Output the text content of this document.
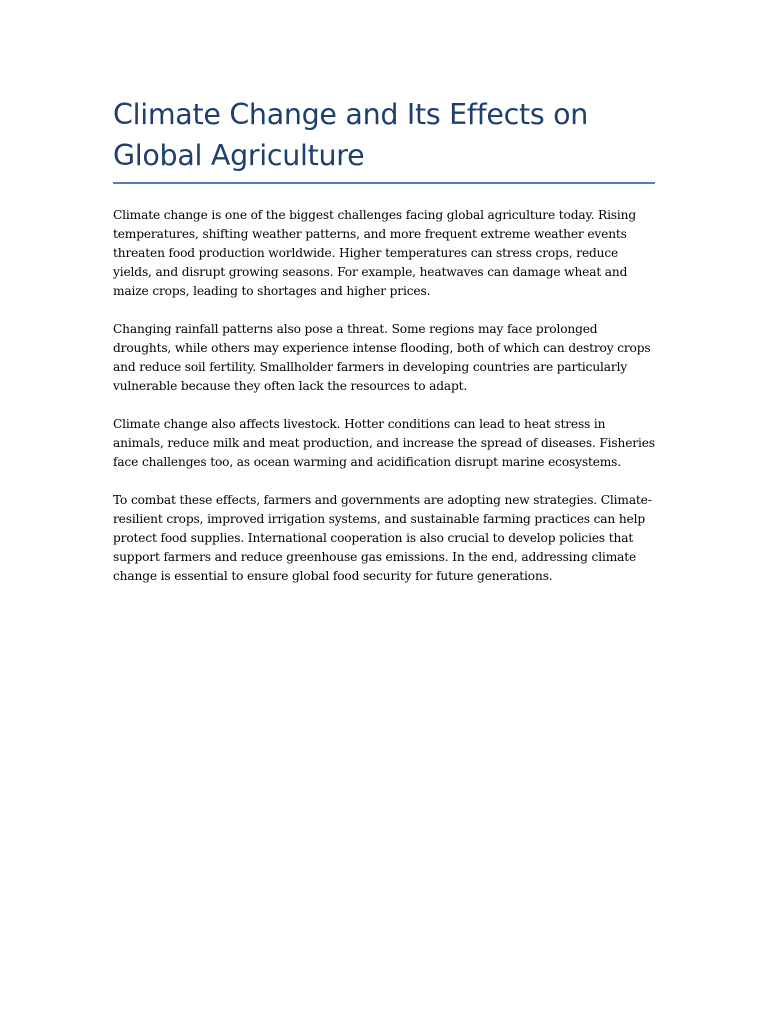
Climate Change and Its Effects on Global Agriculture

Climate change is one of the biggest challenges facing global agriculture today. Rising temperatures, shifting weather patterns, and more frequent extreme weather events threaten food production worldwide. Higher temperatures can stress crops, reduce yields, and disrupt growing seasons. For example, heatwaves can damage wheat and maize crops, leading to shortages and higher prices.

Changing rainfall patterns also pose a threat. Some regions may face prolonged droughts, while others may experience intense flooding, both of which can destroy crops and reduce soil fertility. Smallholder farmers in developing countries are particularly vulnerable because they often lack the resources to adapt.

Climate change also affects livestock. Hotter conditions can lead to heat stress in animals, reduce milk and meat production, and increase the spread of diseases. Fisheries face challenges too, as ocean warming and acidification disrupt marine ecosystems.

To combat these effects, farmers and governments are adopting new strategies. Climate-resilient crops, improved irrigation systems, and sustainable farming practices can help protect food supplies. International cooperation is also crucial to develop policies that support farmers and reduce greenhouse gas emissions. In the end, addressing climate change is essential to ensure global food security for future generations.
